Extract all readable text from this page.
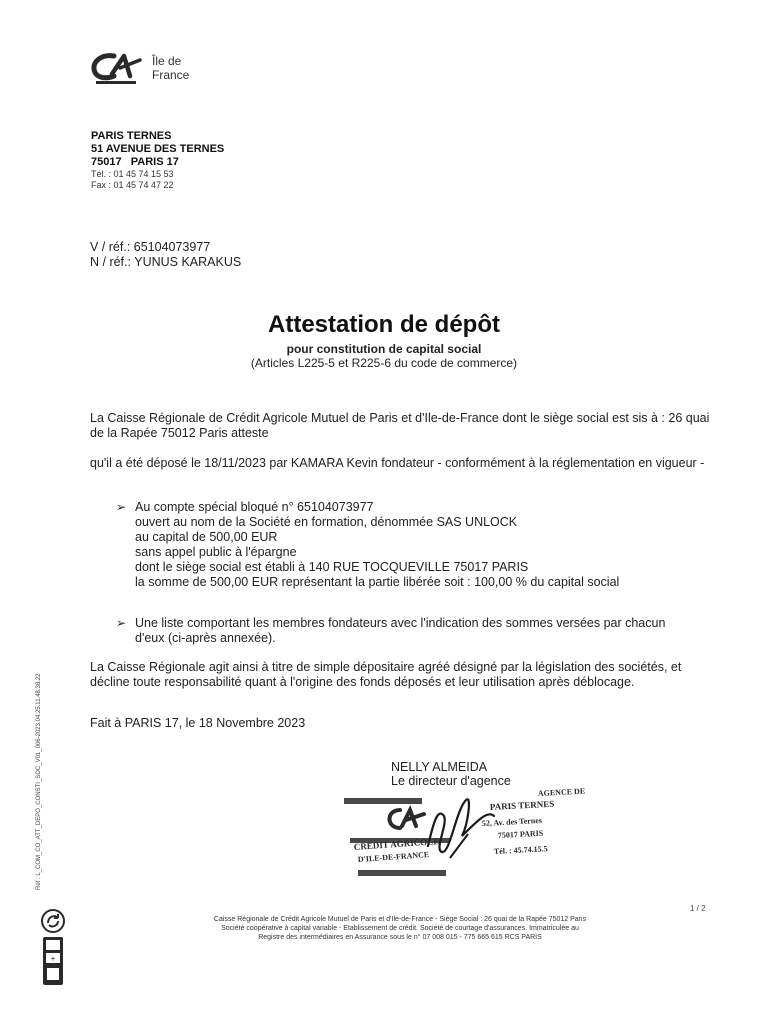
Île de
France
PARIS TERNES
51 AVENUE DES TERNES
75017   PARIS 17
Tél. : 01 45 74 15 53
Fax : 01 45 74 47 22
V / réf.: 65104073977
N / réf.: YUNUS KARAKUS
Attestation de dépôt
pour constitution de capital social
(Articles L225-5 et R225-6 du code de commerce)
La Caisse Régionale de Crédit Agricole Mutuel de Paris et d'Ile-de-France dont le siège social est sis à : 26 quai de la Rapée 75012 Paris atteste
qu'il a été déposé le 18/11/2023 par KAMARA Kevin fondateur - conformément à la réglementation en vigueur -
➢ Au compte spécial bloqué n° 65104073977
ouvert au nom de la Société en formation, dénommée SAS UNLOCK
au capital de 500,00 EUR
sans appel public à l'épargne
dont le siège social est établi à 140 RUE TOCQUEVILLE 75017 PARIS
la somme de 500,00 EUR représentant la partie libérée soit : 100,00 % du capital social
➢ Une liste comportant les membres fondateurs avec l'indication des sommes versées par chacun d'eux (ci-après annexée).
La Caisse Régionale agit ainsi à titre de simple dépositaire agréé désigné par la législation des sociétés, et décline toute responsabilité quant à l'origine des fonds déposés et leur utilisation après déblocage.
Fait à PARIS 17, le 18 Novembre 2023
NELLY ALMEIDA
Le directeur d'agence
AGENCE DE
PARIS TERNES
52, Av. des Ternes
75017 PARIS
Tél. : 45.74.15.5
CRÉDIT AGRICOLE
D'ILE-DE-FRANCE
1 / 2
Caisse Régionale de Crédit Agricole Mutuel de Paris et d'Ile-de-France - Siège Social : 26 quai de la Rapée 75012 Paris
Société coopérative à capital variable - Etablissement de crédit. Société de courtage d'assurances. Immatriculée au
Registre des intermédiaires en Assurance sous le n° 07 008 015 - 775 665 615 RCS PARIS
Réf : L_COM_CO_ATT_DEPO_CONSTI_SOC_V01_006-2023.04.25.11.48.38.22
+
